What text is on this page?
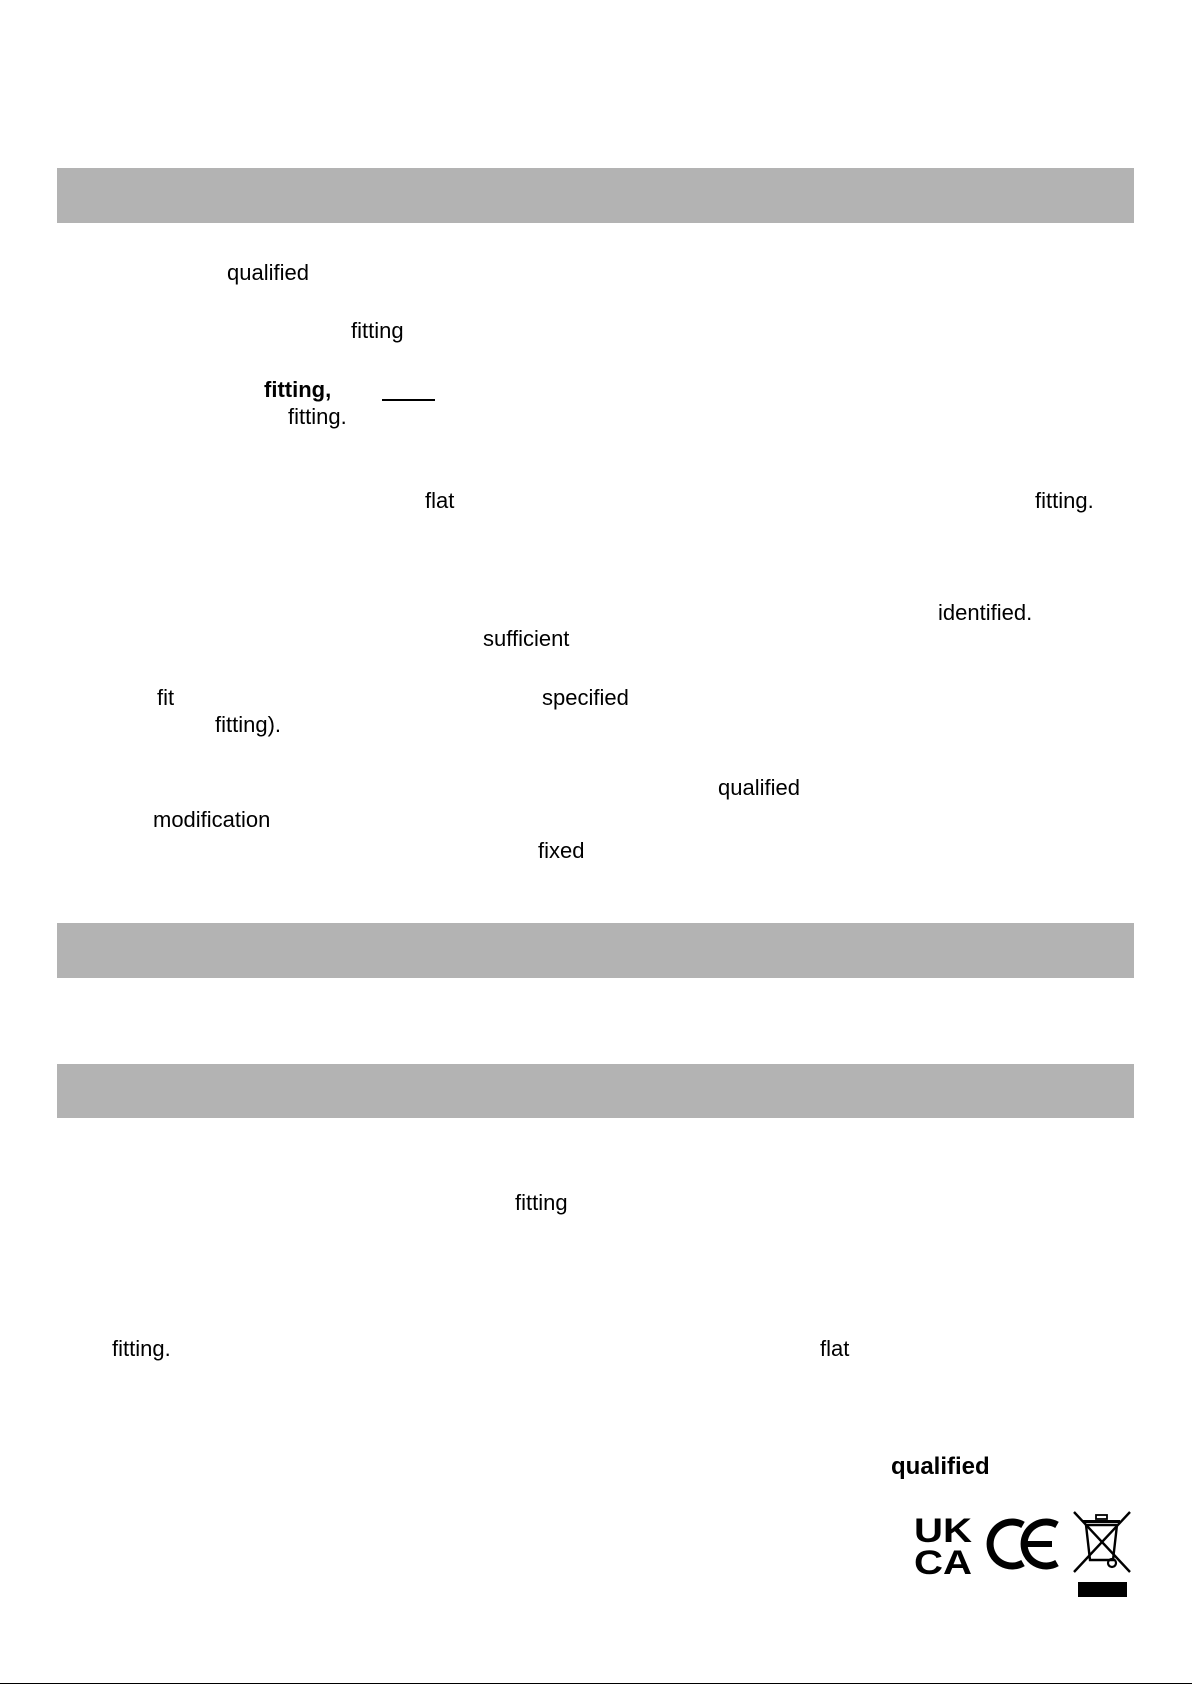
qualified
fitting
fitting,
fitting.
flat	fitting.
identified.
sufficient
fit	specified
fitting).
qualified
modification
fixed
fitting
fitting.	flat
qualified
UK
CA
